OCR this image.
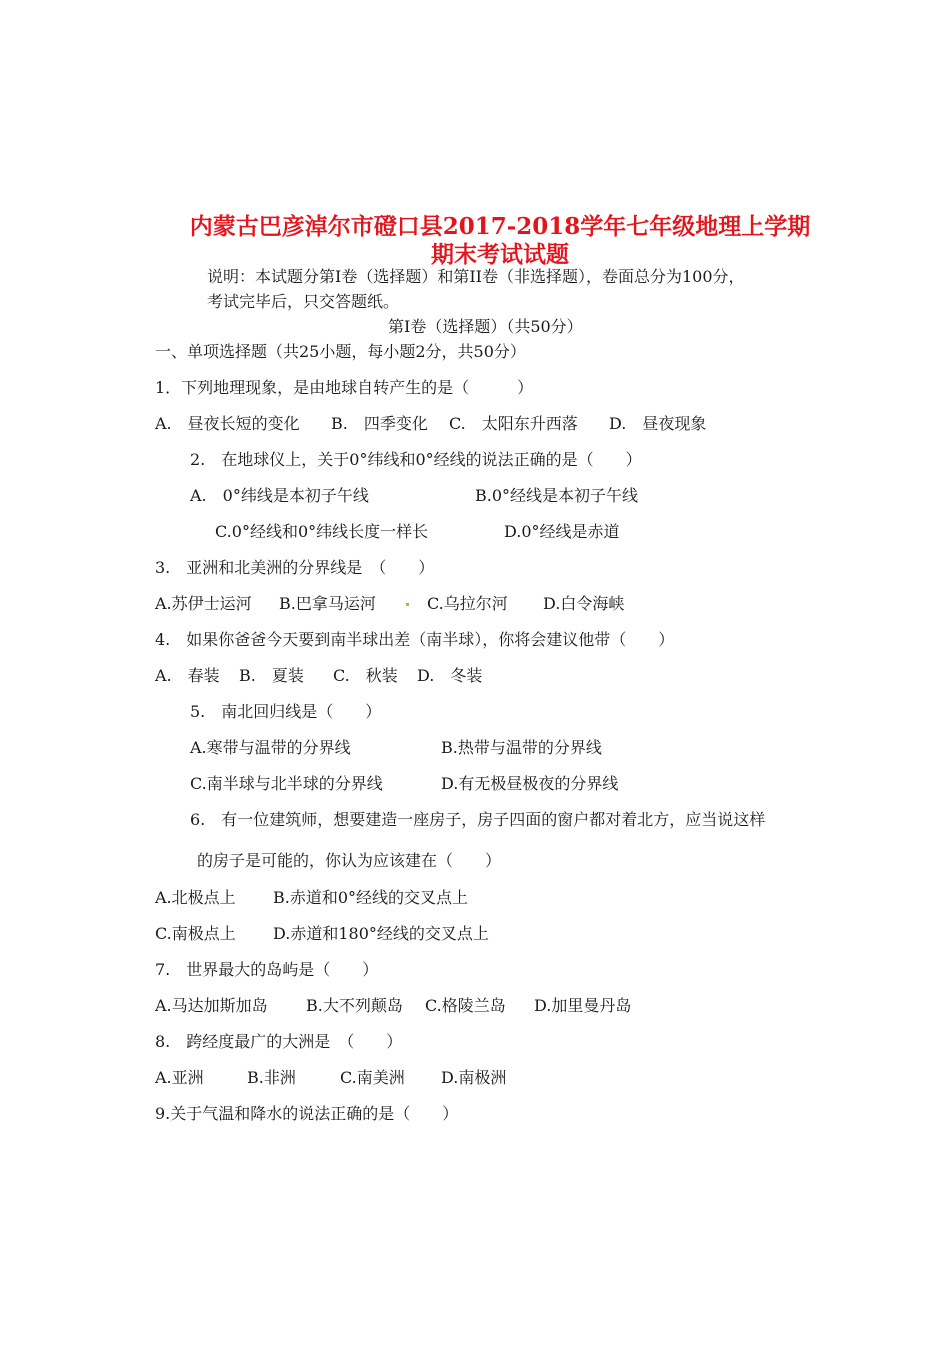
内蒙古巴彦淖尔市磴口县2017-2018学年七年级地理上学期
期末考试试题
说明：本试题分第I卷（选择题）和第II卷（非选择题），卷面总分为100分，
考试完毕后，只交答题纸。
第I卷（选择题）（共50分）
一、单项选择题（共25小题，每小题2分，共50分）
1．下列地理现象，是由地球自转产生的是（　　　）
A.　昼夜长短的变化 B.　四季变化 C.　太阳东升西落 D.　昼夜现象
2.　在地球仪上，关于0°纬线和0°经线的说法正确的是（　　）
A.　0°纬线是本初子午线	B.0°经线是本初子午线
C.0°经线和0°纬线长度一样长	D.0°经线是赤道
3.　亚洲和北美洲的分界线是　（　　）
A.苏伊士运河 B.巴拿马运河	C.乌拉尔河 D.白令海峡
4.　如果你爸爸今天要到南半球出差（南半球），你将会建议他带（　　）
A.　春装 B.　夏装 C.　秋装 D.　冬装
5.　南北回归线是（　　）
A.寒带与温带的分界线	B.热带与温带的分界线
C.南半球与北半球的分界线	D.有无极昼极夜的分界线
6.　有一位建筑师，想要建造一座房子，房子四面的窗户都对着北方，应当说这样
的房子是可能的，你认为应该建在（　　）
A.北极点上 B.赤道和0°经线的交叉点上
C.南极点上 D.赤道和180°经线的交叉点上
7.　世界最大的岛屿是（　　）
A.马达加斯加岛 B.大不列颠岛 C.格陵兰岛 D.加里曼丹岛
8.　跨经度最广的大洲是　（　　）
A.亚洲	B.非洲	C.南美洲 D.南极洲
9.关于气温和降水的说法正确的是（　　）
